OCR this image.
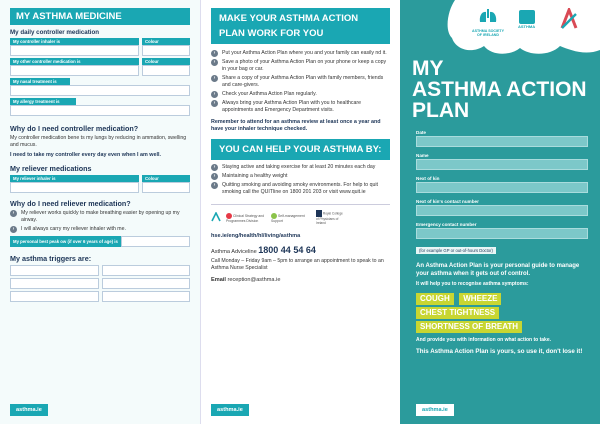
MY ASTHMA MEDICINE
My daily controller medication
My controller inhaler is	Colour
My other controller medication is	Colour
My nasal treatment is
My allergy treatment is
Why do I need controller medication?
My controller medication bene ts my lungs by reducing in ammation, swelling and mucus.
I need to take my controller every day even when I am well.
My reliever medications
My reliever inhaler is	Colour
Why do I need reliever medication?
›	My reliever works quickly to make breathing easier by opening up my airway.
›	I will always carry my reliever inhaler with me.
My personal best peak ow (if over 6 years of age) is
My asthma triggers are:
asthma.ie
MAKE YOUR ASTHMA ACTION PLAN WORK FOR YOU
›	Put your Asthma Action Plan where you and your family can easily nd it.
›	Save a photo of your Asthma Action Plan on your phone or keep a copy in your bag or car.
›	Share a copy of your Asthma Action Plan with family members, friends and care-givers.
›	Check your Asthma Action Plan regularly.
›	Always bring your Asthma Action Plan with you to healthcare appointments and Emergency Department visits.
Remember to attend for an asthma review at least once a year and have your inhaler technique checked.
YOU CAN HELP YOUR ASTHMA BY:
›	Staying active and taking exercise for at least 20 minutes each day
›	Maintaining a healthy weight
›	Quitting smoking and avoiding smoky environments. For help to quit smoking call the QUITline on 1800 201 203 or visit www.quit.ie
Clinical Strategy and Programmes Division
Self-management Support
Royal College of Physicians of Ireland
hse.ie/eng/health/hl/living/asthma
Asthma Adviceline 1800 44 54 64
Call Monday – Friday 9am – 5pm to arrange an appointment to speak to an Asthma Nurse Specialist
Email reception@asthma.ie
asthma.ie
ASTHMA SOCIETY OF IRELAND
ASTHMA
MY
ASTHMA ACTION
PLAN
Date
Name
Next of kin
Next of kin's contact number
Emergency contact number
(for example GP or out-of-hours Doctor)
An Asthma Action Plan is your personal guide to manage your asthma when it gets out of control.
It will help you to recognise asthma symptoms:
COUGH WHEEZE CHEST TIGHTNESS SHORTNESS OF BREATH
And provide you with information on what action to take.
This Asthma Action Plan is yours, so use it, don't lose it!
asthma.ie
